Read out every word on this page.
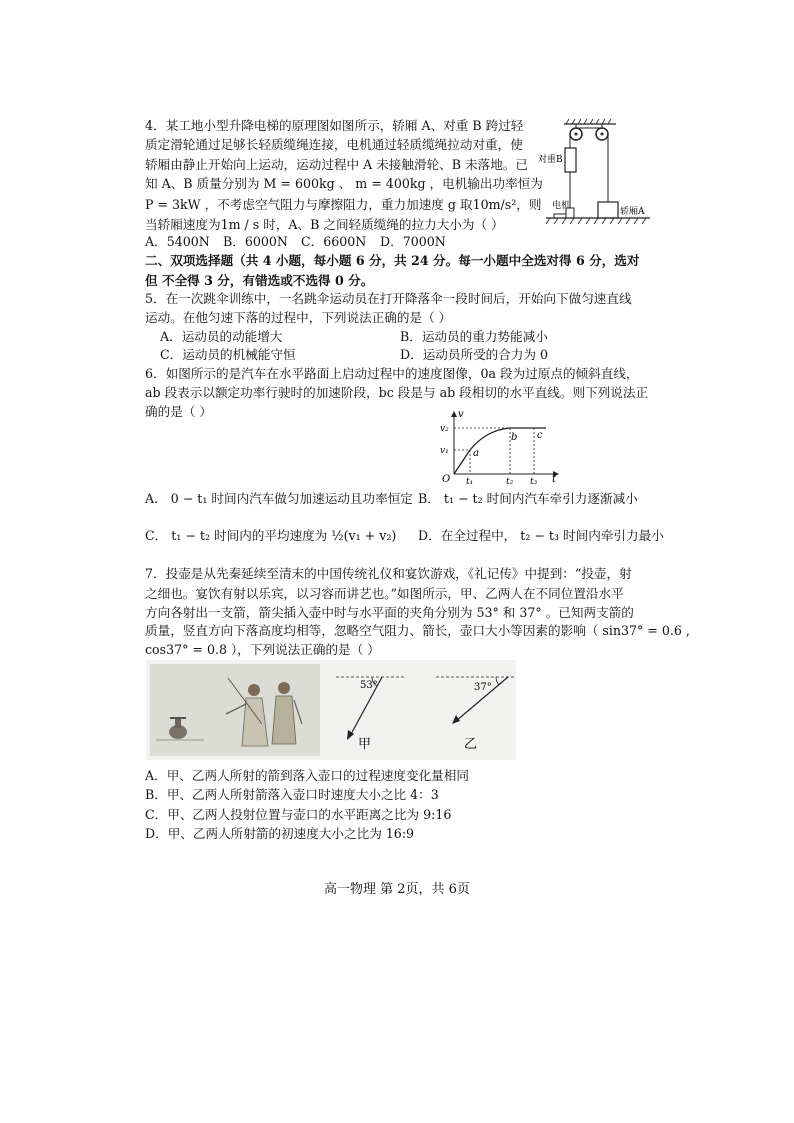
4．某工地小型升降电梯的原理图如图所示，轿厢 A、对重 B 跨过轻
质定滑轮通过足够长轻质缆绳连接，电机通过轻质缆绳拉动对重，使
轿厢由静止开始向上运动，运动过程中 A 未接触滑轮、B 未落地。已
知 A、B 质量分别为 M = 600kg 、 m = 400kg ，电机输出功率恒为
P = 3kW ，不考虑空气阻力与摩擦阻力，重力加速度 g 取10m/s²，则
当轿厢速度为1m / s 时，A、B 之间轻质缆绳的拉力大小为（ ）
A．5400N B．6000N C．6600N D．7000N
对重B
电机
轿厢A
二、双项选择题（共 4 小题，每小题 6 分，共 24 分。每一小题中全选对得 6 分，选对
但 不全得 3 分，有错选或不选得 0 分。
5．在一次跳伞训练中，一名跳伞运动员在打开降落伞一段时间后，开始向下做匀速直线
运动。在他匀速下落的过程中，下列说法正确的是（ ）
A．运动员的动能增大	B．运动员的重力势能减小
C．运动员的机械能守恒	D．运动员所受的合力为 0
6．如图所示的是汽车在水平路面上启动过程中的速度图像，0a 段为过原点的倾斜直线，
ab 段表示以额定功率行驶时的加速阶段，bc 段是与 ab 段相切的水平直线。则下列说法正
确的是（ ）	v
t
O
v₂
v₁
t₁	t₂ t₃
a
b c
A． 0 − t₁ 时间内汽车做匀加速运动且功率恒定 B． t₁ − t₂ 时间内汽车牵引力逐渐减小
C． t₁ − t₂ 时间内的平均速度为 ½(v₁ + v₂) D．在全过程中， t₂ − t₃ 时间内牵引力最小
7．投壶是从先秦延续至清末的中国传统礼仪和宴饮游戏，《礼记传》中提到：“投壶，射
之细也。宴饮有射以乐宾，以习容而讲艺也。”如图所示，甲、乙两人在不同位置沿水平
方向各射出一支箭，箭尖插入壶中时与水平面的夹角分别为 53° 和 37° 。已知两支箭的
质量，竖直方向下落高度均相等，忽略空气阻力、箭长，壶口大小等因素的影响（ sin37° = 0.6 ,
cos37° = 0.8 ），下列说法正确的是（ ）
53°
甲
37°
乙
A．甲、乙两人所射的箭到落入壶口的过程速度变化量相同
B．甲、乙两人所射箭落入壶口时速度大小之比 4：3
C．甲、乙两人投射位置与壶口的水平距离之比为 9:16
D．甲、乙两人所射箭的初速度大小之比为 16:9
高一物理 第 2页，共 6页
